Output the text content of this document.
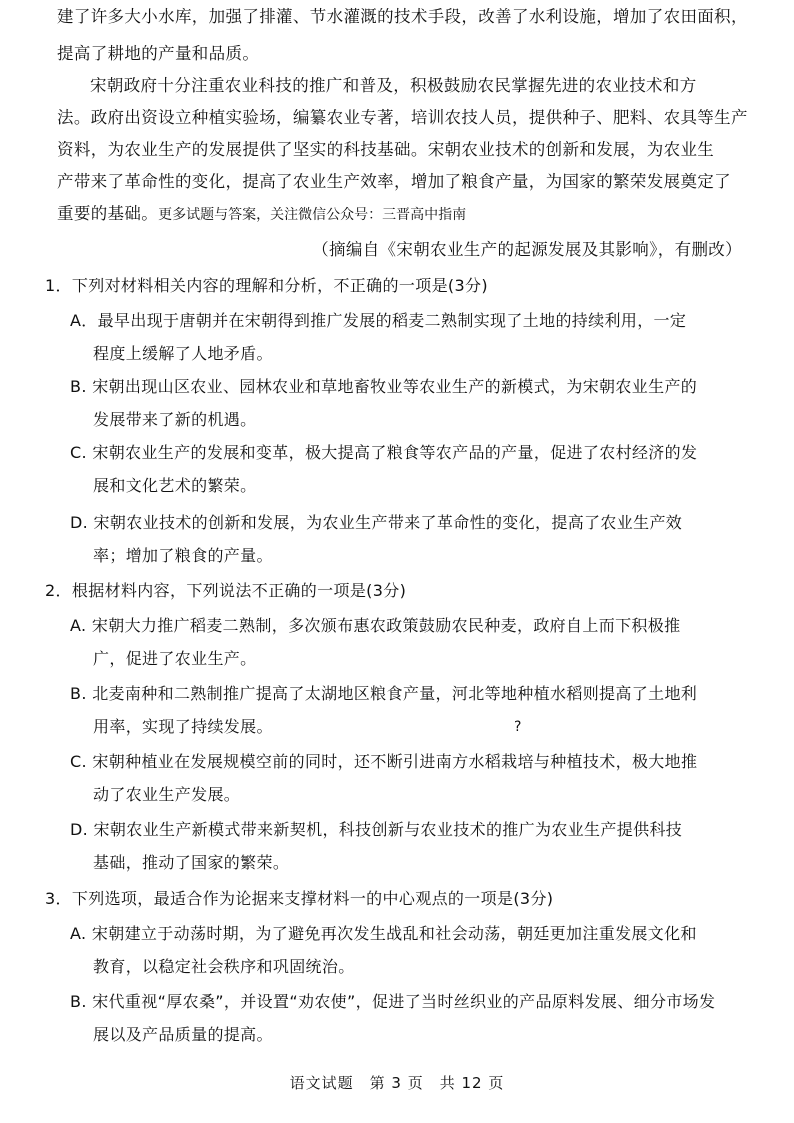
建了许多大小水库，加强了排灌、节水灌溉的技术手段，改善了水利设施，增加了农田面积，
提高了耕地的产量和品质。
宋朝政府十分注重农业科技的推广和普及，积极鼓励农民掌握先进的农业技术和方
法。政府出资设立种植实验场，编纂农业专著，培训农技人员，提供种子、肥料、农具等生产
资料，为农业生产的发展提供了坚实的科技基础。宋朝农业技术的创新和发展，为农业生
产带来了革命性的变化，提高了农业生产效率，增加了粮食产量，为国家的繁荣发展奠定了
重要的基础。更多试题与答案，关注微信公众号：三晋高中指南
（摘编自《宋朝农业生产的起源发展及其影响》，有删改）
1．下列对材料相关内容的理解和分析，不正确的一项是(3分)
A．最早出现于唐朝并在宋朝得到推广发展的稻麦二熟制实现了土地的持续利用，一定
程度上缓解了人地矛盾。
B. 宋朝出现山区农业、园林农业和草地畜牧业等农业生产的新模式，为宋朝农业生产的
发展带来了新的机遇。
C. 宋朝农业生产的发展和变革，极大提高了粮食等农产品的产量，促进了农村经济的发
展和文化艺术的繁荣。
D. 宋朝农业技术的创新和发展，为农业生产带来了革命性的变化，提高了农业生产效
率；增加了粮食的产量。
2．根据材料内容，下列说法不正确的一项是(3分)
A. 宋朝大力推广稻麦二熟制，多次颁布惠农政策鼓励农民种麦，政府自上而下积极推
广，促进了农业生产。
B. 北麦南种和二熟制推广提高了太湖地区粮食产量，河北等地种植水稻则提高了土地利
用率，实现了持续发展。	?
C. 宋朝种植业在发展规模空前的同时，还不断引进南方水稻栽培与种植技术，极大地推
动了农业生产发展。
D. 宋朝农业生产新模式带来新契机，科技创新与农业技术的推广为农业生产提供科技
基础，推动了国家的繁荣。
3．下列选项，最适合作为论据来支撑材料一的中心观点的一项是(3分)
A. 宋朝建立于动荡时期，为了避免再次发生战乱和社会动荡，朝廷更加注重发展文化和
教育，以稳定社会秩序和巩固统治。
B. 宋代重视“厚农桑”，并设置“劝农使”，促进了当时丝织业的产品原料发展、细分市场发
展以及产品质量的提高。
语文试题　第 3 页　共 12 页
